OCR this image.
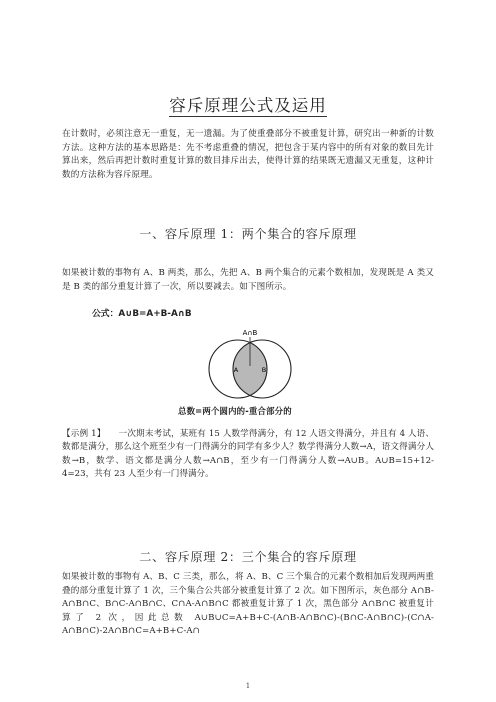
容斥原理公式及运用
在计数时，必须注意无一重复，无一遗漏。为了使重叠部分不被重复计算，研究出一种新的计数方法。这种方法的基本思路是：先不考虑重叠的情况，把包含于某内容中的所有对象的数目先计算出来，然后再把计数时重复计算的数目排斥出去，使得计算的结果既无遗漏又无重复，这种计数的方法称为容斥原理。
一、容斥原理 1：两个集合的容斥原理
如果被计数的事物有 A、B 两类，那么，先把 A、B 两个集合的元素个数相加，发现既是 A 类又是 B 类的部分重复计算了一次，所以要减去。如下图所示。
公式：A∪B=A+B-A∩B
A∩B
A	B
总数=两个圆内的-重合部分的
【示例 1】　　一次期末考试，某班有 15 人数学得满分，有 12 人语文得满分，并且有 4 人语、数都是满分，那么这个班至少有一门得满分的同学有多少人？数学得满分人数→A，语文得满分人数→B，数学、语文都是满分人数→A∩B，至少有一门得满分人数→A∪B。A∪B=15+12-4=23，共有 23 人至少有一门得满分。
二、容斥原理 2：三个集合的容斥原理
如果被计数的事物有 A、B、C 三类，那么，将 A、B、C 三个集合的元素个数相加后发现两两重叠的部分重复计算了 1 次，三个集合公共部分被重复计算了 2 次。如下图所示，灰色部分 A∩B-A∩B∩C、B∩C-A∩B∩C、C∩A-A∩B∩C 都被重复计算了 1 次，黑色部分 A∩B∩C 被重复计算了 2 次，因此总数 A∪B∪C=A+B+C-(A∩B-A∩B∩C)-(B∩C-A∩B∩C)-(C∩A-A∩B∩C)-2A∩B∩C=A+B+C-A∩
1
